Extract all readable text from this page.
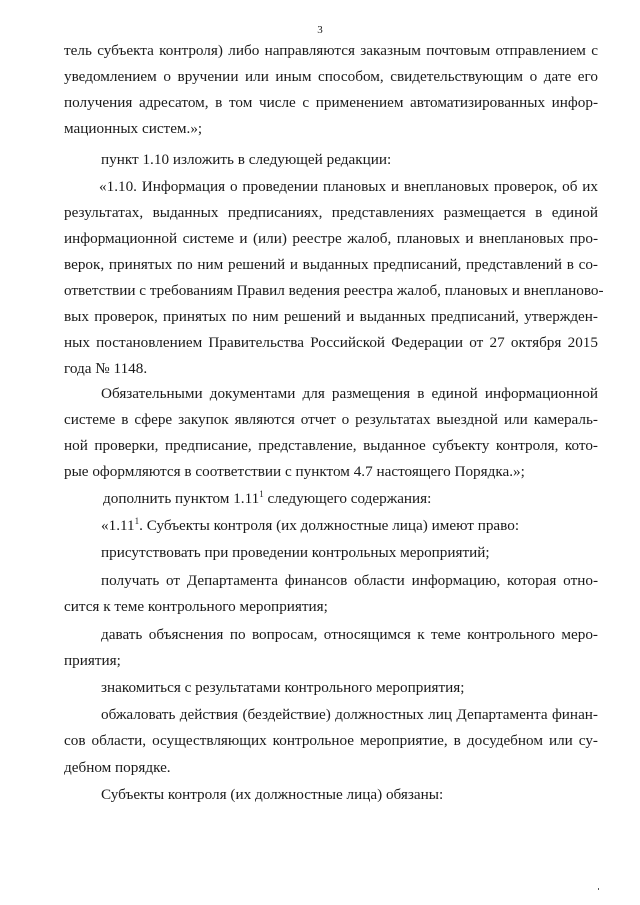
3

тель субъекта контроля) либо направляются заказным почтовым отправлением с

уведомлением о вручении или иным способом, свидетельствующим о дате его

получения адресатом, в том числе с применением автоматизированных инфор-

мационных систем.»;

пункт 1.10 изложить в следующей редакции:

«1.10. Информация о проведении плановых и внеплановых проверок, об их

результатах, выданных предписаниях, представлениях размещается в единой

информационной системе и (или) реестре жалоб, плановых и внеплановых про-

верок, принятых по ним решений и выданных предписаний, представлений в со-

ответствии с требованиям Правил ведения реестра жалоб, плановых и внепланово-

вых проверок, принятых по ним решений и выданных предписаний, утвержден-

ных постановлением Правительства Российской Федерации от 27 октября 2015

года № 1148.

Обязательными документами для размещения в единой информационной

системе в сфере закупок являются отчет о результатах выездной или камераль-

ной проверки, предписание, представление, выданное субъекту контроля, кото-

рые оформляются в соответствии с пунктом 4.7 настоящего Порядка.»;

дополнить пунктом 1.11$^1$ следующего содержания:

«1.11$^1$. Субъекты контроля (их должностные лица) имеют право:

присутствовать при проведении контрольных мероприятий;

получать от Департамента финансов области информацию, которая отно-

сится к теме контрольного мероприятия;

давать объяснения по вопросам, относящимся к теме контрольного меро-

приятия;

знакомиться с результатами контрольного мероприятия;

обжаловать действия (бездействие) должностных лиц Департамента финан-

сов области, осуществляющих контрольное мероприятие, в досудебном или су-

дебном порядке.

Субъекты контроля (их должностные лица) обязаны:
